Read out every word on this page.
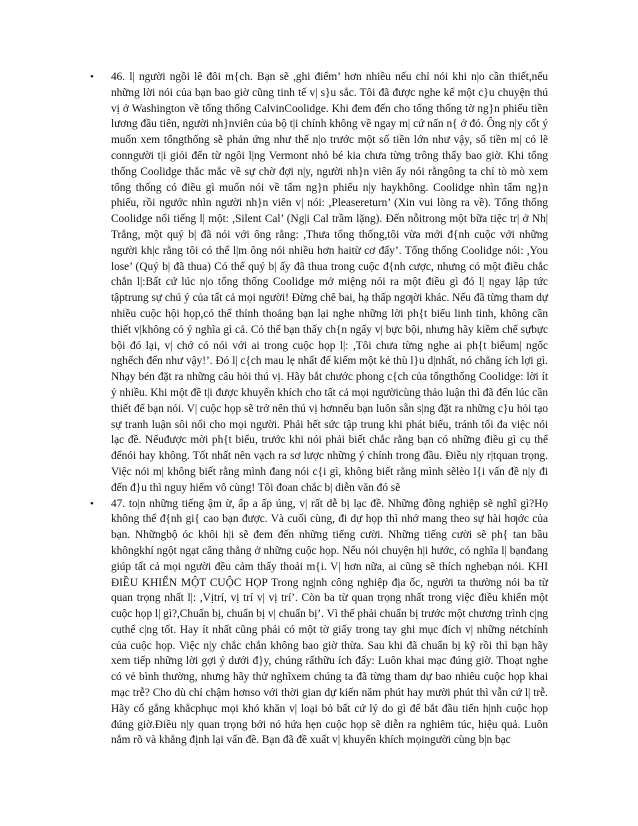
• 46. l| người ngồi lê đôi m{ch. Bạn sẽ ,ghi điểm’ hơn nhiều nếu chỉ nói khi n|o cần thiết,nếu những lời nói của bạn bao giờ cũng tinh tế v| s}u sắc. Tôi đã được nghe kể một c}u chuyện thú vị ở Washington về tổng thống CalvinCoolidge. Khi đem đến cho tổng thống tờ ng}n phiếu tiền lương đầu tiên, người nh}nviên của bộ t|i chính không về ngay m| cứ nấn n{ ở đó. Ông n|y cốt ý muốn xem tổngthống sẽ phản ứng như thế n|o trước một số tiền lớn như vậy, số tiền m| có lẽ conngười t|i giỏi đến từ ngôi l|ng Vermont nhỏ bé kia chưa từng trông thấy bao giờ. Khi tổng thống Coolidge thắc mắc về sự chờ đợi n|y, người nh}n viên ấy nói rằngông ta chỉ tò mò xem tổng thống có điều gì muốn nói về tấm ng}n phiếu n|y haykhông. Coolidge nhìn tấm ng}n phiếu, rồi ngước nhìn người nh}n viên v| nói: ,Pleasereturn’ (Xin vui lòng ra về). Tổng thống Coolidge nổi tiếng l| một: ,Silent Cal’ (Ng|i Cal trầm lặng). Đến nỗitrong một bữa tiệc tr| ở Nh| Trắng, một quý b| đã nói với ông rằng: ,Thưa tổng thống,tôi vừa mới đ{nh cuộc với những người kh|c rằng tôi có thể l|m ông nói nhiều hơn haitừ cơ đấy’. Tổng thống Coolidge nói: ,You lose’ (Quý b| đã thua) Có thể quý b| ấy đã thua trong cuộc đ{nh cược, nhưng có một điều chắc chắn l|:Bất cứ lúc n|o tổng thống Coolidge mở miệng nói ra một điều gì đó l| ngay lập tức tậptrung sự chú ý của tất cả mọi người! Đừng chê bai, hạ thấp ngƣời khác. Nếu đã từng tham dự nhiều cuộc hội họp,có thể thỉnh thoảng bạn lại nghe những lời ph{t biểu linh tinh, không cần thiết v|không có ý nghĩa gì cả. Có thể bạn thấy ch{n ngấy v| bực bội, nhưng hãy kiềm chế sựbực bội đó lại, v| chớ có nói với ai trong cuộc họp l|: ,Tôi chưa từng nghe ai ph{t biểum| ngốc nghếch đến như vậy!’. Đó l| c{ch mau lẹ nhất để kiếm một kẻ thù l}u d|nhất, nó chẳng ích lợi gì. Nhạy bén đặt ra những câu hỏi thú vị. Hãy bắt chước phong c{ch của tổngthống Coolidge: lời ít ý nhiều. Khi một đề t|i được khuyến khích cho tất cả mọi ngườicùng thảo luận thì đã đến lúc cần thiết để bạn nói. V| cuộc họp sẽ trở nên thú vị hơnnếu bạn luôn sẵn s|ng đặt ra những c}u hỏi tạo sự tranh luận sôi nổi cho mọi người. Phải hết sức tập trung khi phát biểu, tránh tối đa việc nói lạc đề. Nếuđược mời ph{t biểu, trước khi nói phải biết chắc rằng bạn có những điều gì cụ thể đểnói hay không. Tốt nhất nên vạch ra sơ lược những ý chính trong đầu. Điều n|y r|tquan trọng. Việc nói m| không biết rằng mình đang nói c{i gì, không biết rằng mình sẽlèo l{i vấn đề n|y đi đến đ}u thì nguy hiểm vô cùng! Tôi đoan chắc b| diễn văn đó sẽ
• 47. to|n những tiếng ậm ừ, ấp a ấp úng, v| rất dễ bị lạc đề. Những đồng nghiệp sẽ nghĩ gì?Họ không thể đ{nh gi{ cao bạn được. Và cuối cùng, đi dự họp thì nhớ mang theo sự hài hƣớc của bạn. Nhữngbộ óc khôi h|i sẽ đem đến những tiếng cười. Những tiếng cười sẽ ph{ tan bầu khôngkhí ngột ngạt căng thẳng ở những cuộc họp. Nếu nói chuyện h|i hước, có nghĩa l| bạnđang giúp tất cả mọi người đều cảm thấy thoải m{i. V| hơn nữa, ai cũng sẽ thích nghebạn nói. KHI ĐIỀU KHIỂN MỘT CUỘC HỌP Trong ng|nh công nghiệp địa ốc, người ta thường nói ba từ quan trọng nhất l|: ,Vịtrí, vị trí v| vị trí’. Còn ba từ quan trọng nhất trong việc điều khiển một cuộc họp l| gì?,Chuẩn bị, chuẩn bị v| chuẩn bị’. Vì thế phải chuẩn bị trước một chương trình c|ng cụthể c|ng tốt. Hay ít nhất cũng phải có một tờ giấy trong tay ghi mục đích v| những nétchính của cuộc họp. Việc n|y chắc chắn không bao giờ thừa. Sau khi đã chuẩn bị kỹ rồi thì bạn hãy xem tiếp những lời gợi ý dưới đ}y, chúng rấthữu ích đấy: Luôn khai mạc đúng giờ. Thoạt nghe có vẻ bình thường, nhưng hãy thử nghĩxem chúng ta đã từng tham dự bao nhiêu cuộc họp khai mạc trễ? Cho dù chỉ chậm hơnso với thời gian dự kiến năm phút hay mười phút thì vẫn cứ l| trễ. Hãy cố gắng khắcphục mọi khó khăn v| loại bỏ bất cứ lý do gì để bắt đầu tiến h|nh cuộc họp đúng giờ.Điều n|y quan trọng bởi nó hứa hẹn cuộc họp sẽ diễn ra nghiêm túc, hiệu quả. Luôn nắm rõ và khẳng định lại vấn đề. Bạn đã đề xuất v| khuyến khích mọingười cùng b|n bạc
